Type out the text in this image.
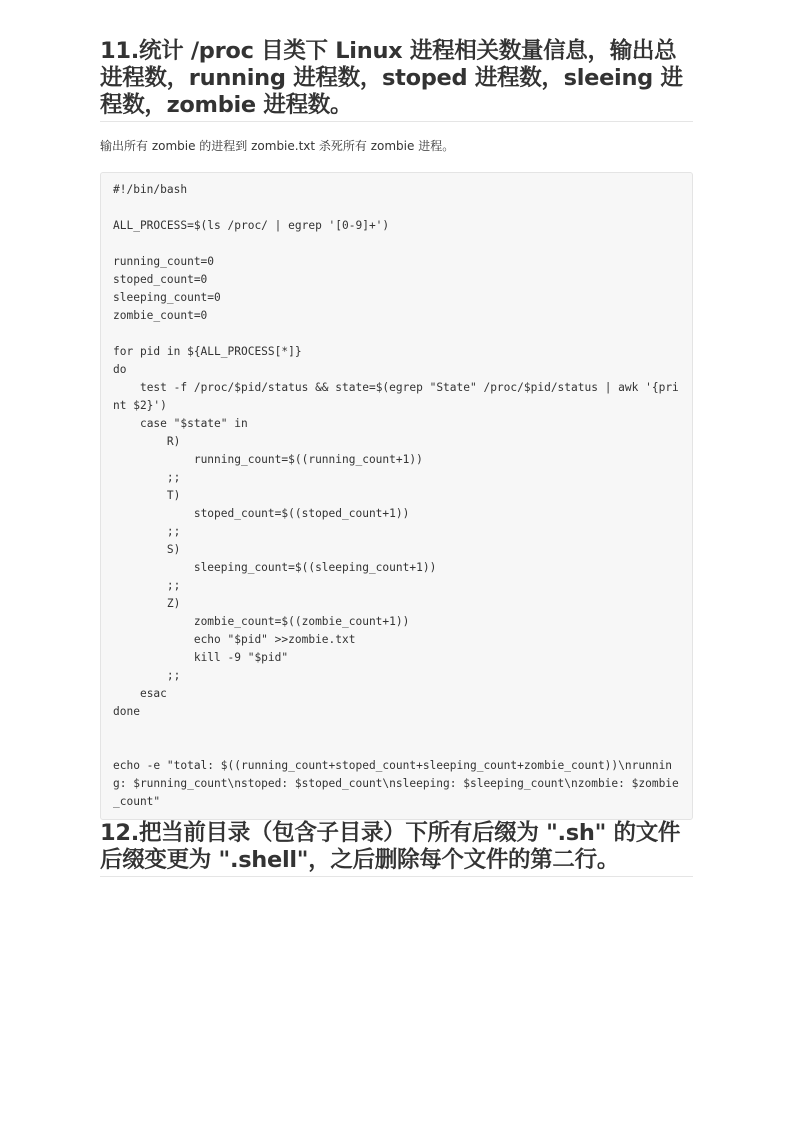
11.统计 /proc 目类下 Linux 进程相关数量信息，输出总进程数，running 进程数，stoped 进程数，sleeing 进程数，zombie 进程数。

输出所有 zombie 的进程到 zombie.txt 杀死所有 zombie 进程。

#!/bin/bash

ALL_PROCESS=$(ls /proc/ | egrep '[0-9]+')

running_count=0
stoped_count=0
sleeping_count=0
zombie_count=0

for pid in ${ALL_PROCESS[*]}
do
test -f /proc/$pid/status && state=$(egrep "State" /proc/$pid/status | awk '{print $2}')
case "$state" in
R)
running_count=$((running_count+1))
;;
T)
stoped_count=$((stoped_count+1))
;;
S)
sleeping_count=$((sleeping_count+1))
;;
Z)
zombie_count=$((zombie_count+1))
echo "$pid" >>zombie.txt
kill -9 "$pid"
;;
esac
done

echo -e "total: $((running_count+stoped_count+sleeping_count+zombie_count))\nrunning: $running_count\nstoped: $stoped_count\nsleeping: $sleeping_count\nzombie: $zombie_count"
12.把当前目录（包含子目录）下所有后缀为 ".sh" 的文件后缀变更为 ".shell"，之后删除每个文件的第二行。
